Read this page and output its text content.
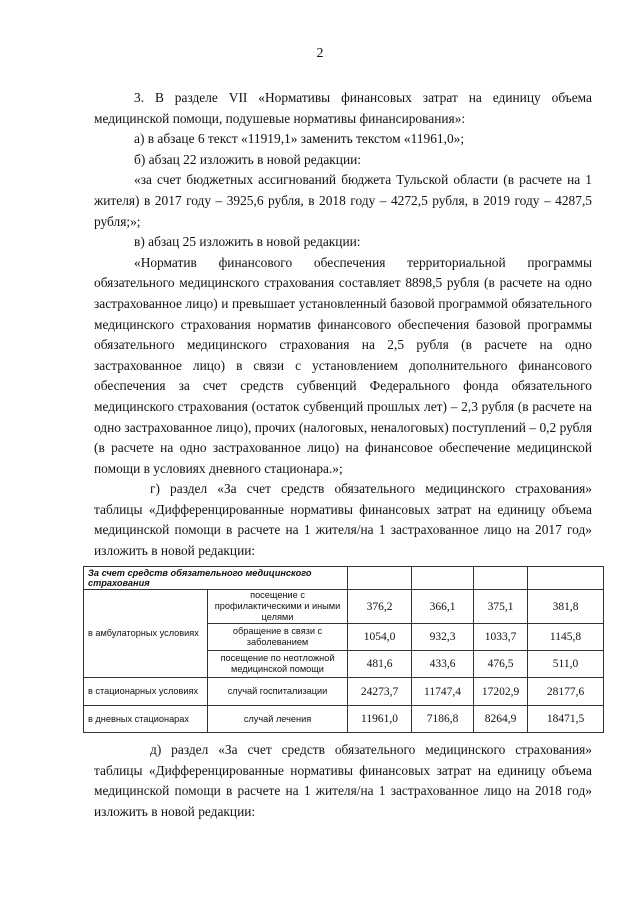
2

3. В разделе VII «Нормативы финансовых затрат на единицу объема медицинской помощи, подушевые нормативы финансирования»:

а) в абзаце 6 текст «11919,1» заменить текстом «11961,0»;

б) абзац 22 изложить в новой редакции:

«за счет бюджетных ассигнований бюджета Тульской области (в расчете на 1 жителя) в 2017 году – 3925,6 рубля, в 2018 году – 4272,5 рубля, в 2019 году – 4287,5 рубля;»;

в) абзац 25 изложить в новой редакции:

«Норматив финансового обеспечения территориальной программы обязательного медицинского страхования составляет 8898,5 рубля (в расчете на одно застрахованное лицо) и превышает установленный базовой программой обязательного медицинского страхования норматив финансового обеспечения базовой программы обязательного медицинского страхования на 2,5 рубля (в расчете на одно застрахованное лицо) в связи с установлением дополнительного финансового обеспечения за счет средств субвенций Федерального фонда обязательного медицинского страхования (остаток субвенций прошлых лет) – 2,3 рубля (в расчете на одно застрахованное лицо), прочих (налоговых, неналоговых) поступлений – 0,2 рубля (в расчете на одно застрахованное лицо) на финансовое обеспечение медицинской помощи в условиях дневного стационара.»;

г) раздел «За счет средств обязательного медицинского страхования» таблицы «Дифференцированные нормативы финансовых затрат на единицу объема медицинской помощи в расчете на 1 жителя/на 1 застрахованное лицо на 2017 год» изложить в новой редакции:

За счет средств обязательного медицинского страхования					
в амбулаторных условиях	посещение с профилактическими и иными целями	376,2	366,1	375,1	381,8
	обращение в связи с заболеванием	1054,0	932,3	1033,7	1145,8
	посещение по неотложной медицинской помощи	481,6	433,6	476,5	511,0
в стационарных условиях	случай госпитализации	24273,7	11747,4	17202,9	28177,6
в дневных стационарах	случай лечения	11961,0	7186,8	8264,9	18471,5

д) раздел «За счет средств обязательного медицинского страхования» таблицы «Дифференцированные нормативы финансовых затрат на единицу объема медицинской помощи в расчете на 1 жителя/на 1 застрахованное лицо на 2018 год» изложить в новой редакции:
